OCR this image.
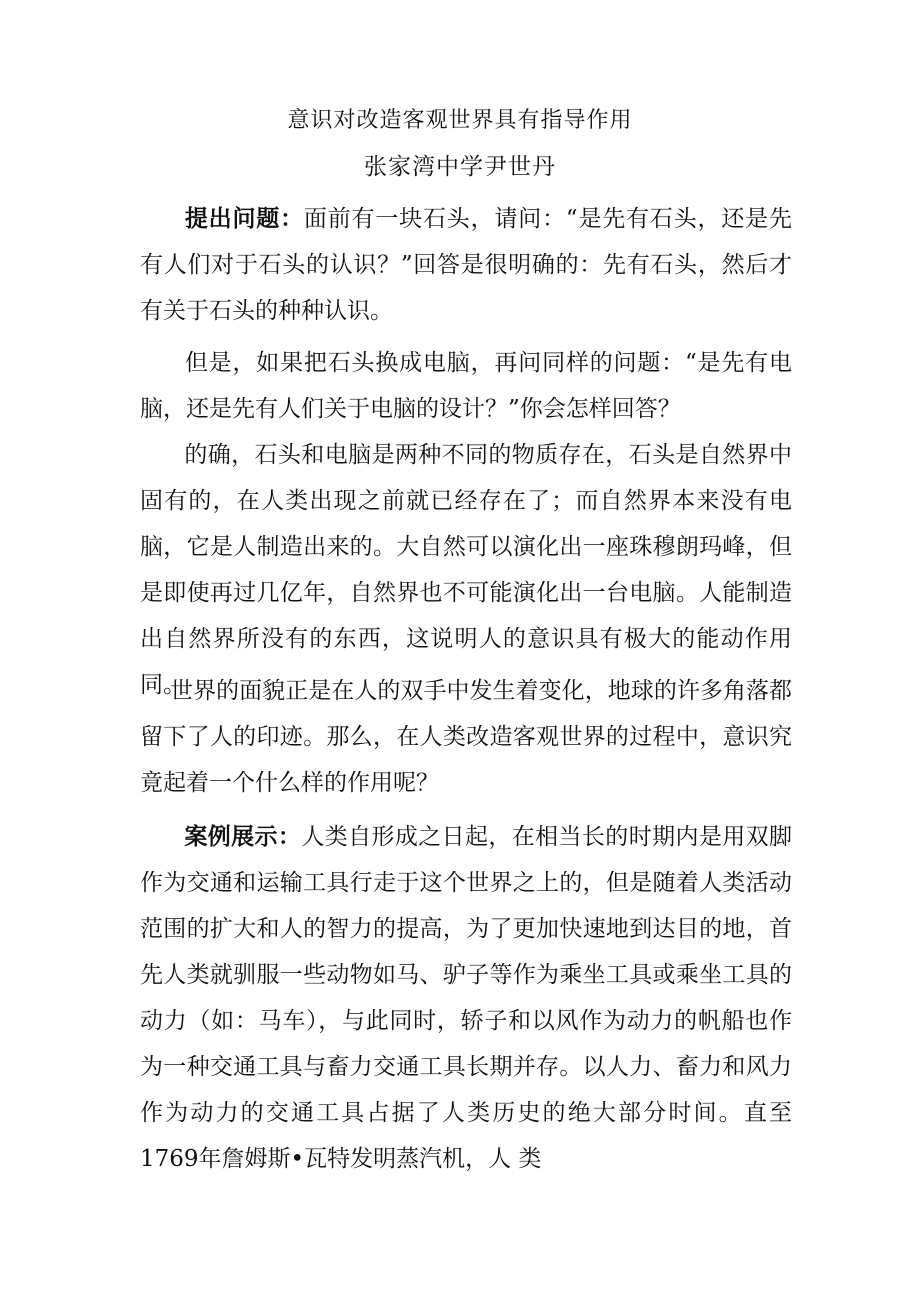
意识对改造客观世界具有指导作用
张家湾中学尹世丹
提出问题：面前有一块石头，请问：“是先有石头，还是先有人们对于石头的认识？”回答是很明确的：先有石头，然后才有关于石头的种种认识。
但是，如果把石头换成电脑，再问同样的问题：“是先有电脑，还是先有人们关于电脑的设计？”你会怎样回答？
的确，石头和电脑是两种不同的物质存在，石头是自然界中固有的，在人类出现之前就已经存在了；而自然界本来没有电脑，它是人制造出来的。大自然可以演化出一座珠穆朗玛峰，但是即使再过几亿年，自然界也不可能演化出一台电脑。人能制造出自然界所没有的东西，这说明人的意识具有极大的能动作用同。
世界的面貌正是在人的双手中发生着变化，地球的许多角落都留下了人的印迹。那么，在人类改造客观世界的过程中，意识究竟起着一个什么样的作用呢？
案例展示：人类自形成之日起，在相当长的时期内是用双脚作为交通和运输工具行走于这个世界之上的，但是随着人类活动范围的扩大和人的智力的提高，为了更加快速地到达目的地，首先人类就驯服一些动物如马、驴子等作为乘坐工具或乘坐工具的动力（如：马车），与此同时，轿子和以风作为动力的帆船也作为一种交通工具与畜力交通工具长期并存。以人力、畜力和风力作为动力的交通工具占据了人类历史的绝大部分时间。直至1769年詹姆斯•瓦特发明蒸汽机，人 类
